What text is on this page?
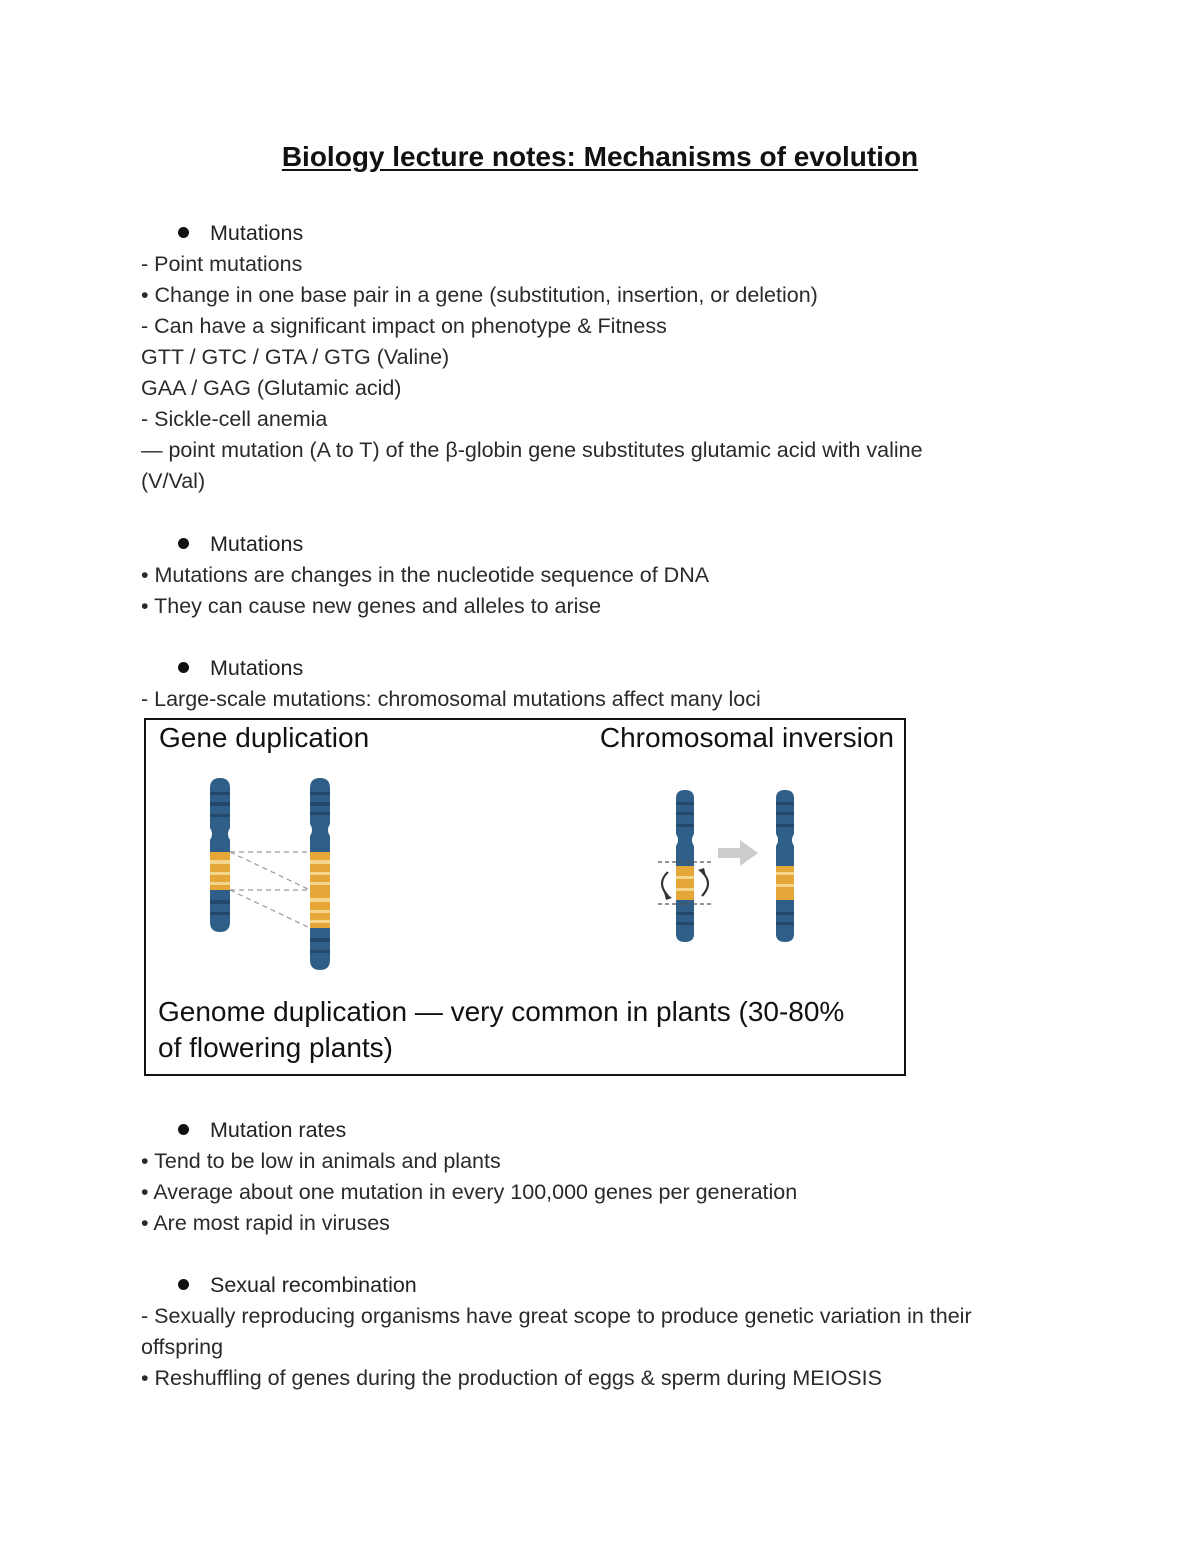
Biology lecture notes: Mechanisms of evolution
Mutations
- Point mutations
• Change in one base pair in a gene (substitution, insertion, or deletion)
- Can have a significant impact on phenotype & Fitness
GTT / GTC / GTA / GTG (Valine)
GAA / GAG (Glutamic acid)
- Sickle-cell anemia
— point mutation (A to T) of the β-globin gene substitutes glutamic acid with valine
(V/Val)
Mutations
• Mutations are changes in the nucleotide sequence of DNA
• They can cause new genes and alleles to arise
Mutations
- Large-scale mutations: chromosomal mutations affect many loci
Gene duplication	Chromosomal inversion
Genome duplication — very common in plants (30-80%
of flowering plants)
Mutation rates
• Tend to be low in animals and plants
• Average about one mutation in every 100,000 genes per generation
• Are most rapid in viruses
Sexual recombination
- Sexually reproducing organisms have great scope to produce genetic variation in their
offspring
• Reshuffling of genes during the production of eggs & sperm during MEIOSIS
